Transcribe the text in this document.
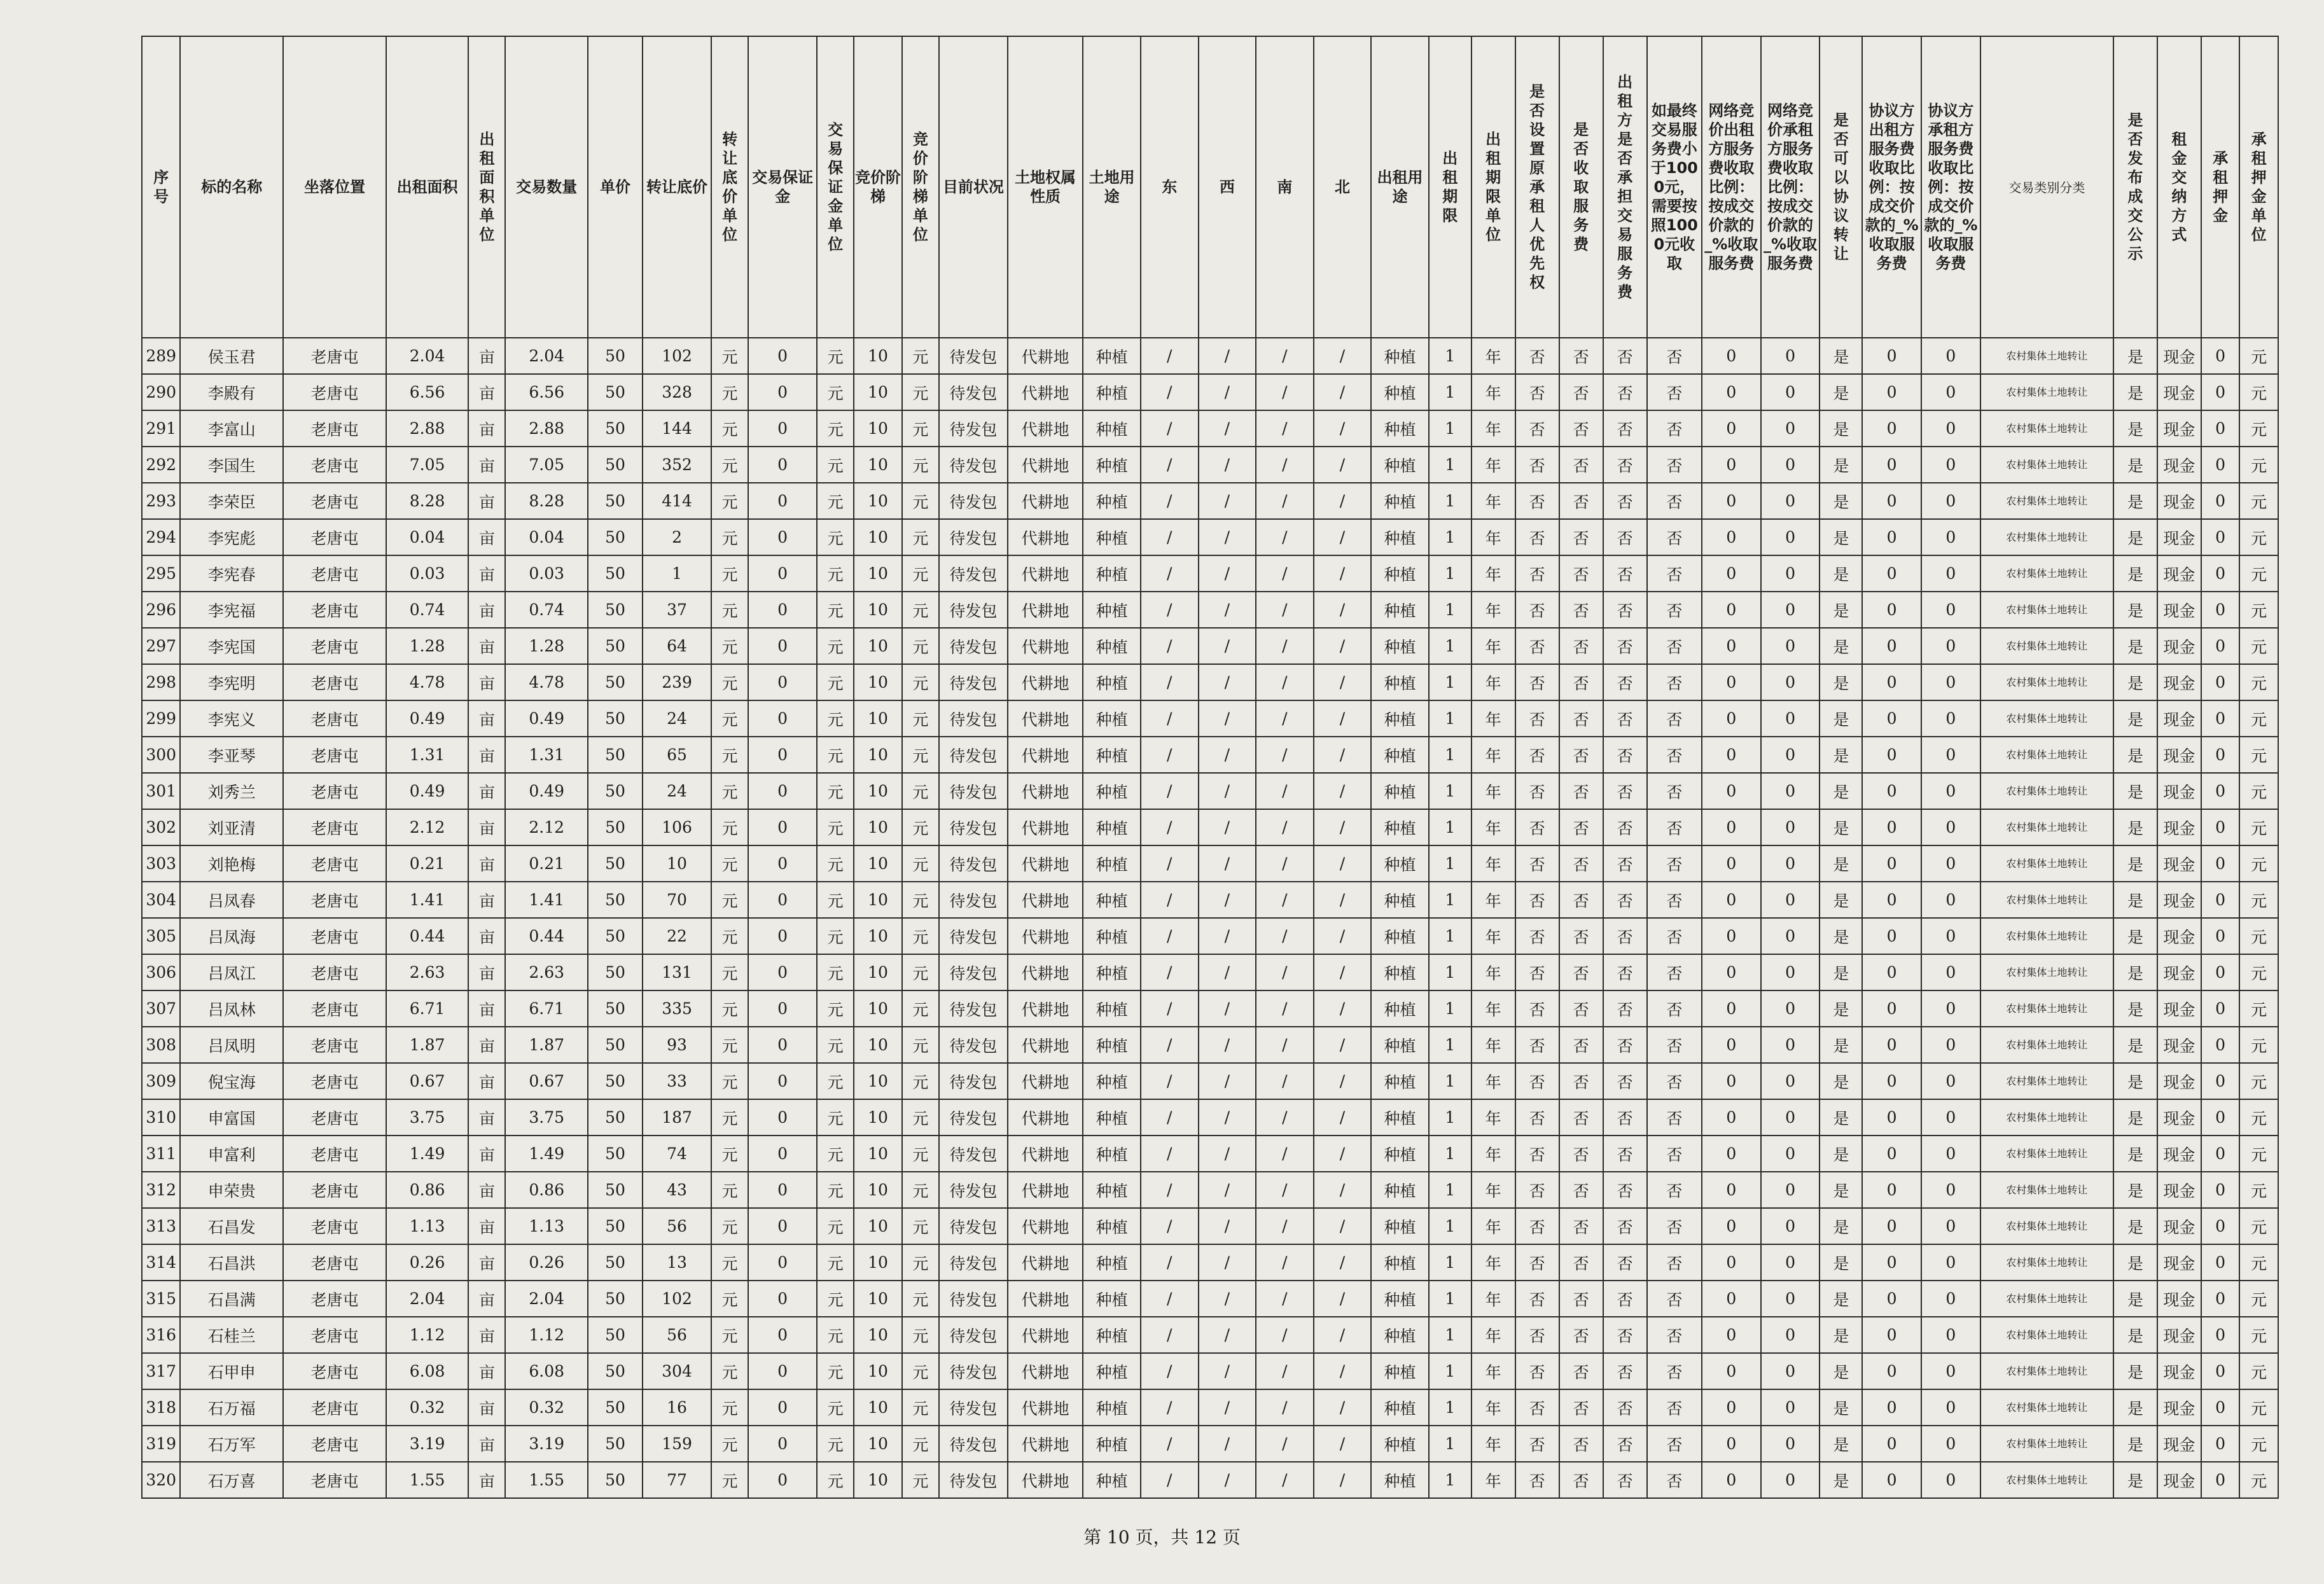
序号	标的名称	坐落位置	出租面积	出租面积单位	交易数量	单价	转让底价	转让底价单位	交易保证金	交易保证金单位	竞价阶梯	竞价阶梯单位	目前状况	土地权属性质	土地用途	东	西	南	北	出租用途	出租期限	出租期限单位	是否设置原承租人优先权	是否收取服务费	出租方是否承担交易服务费	如最终交易服务费小于1000元，需要按照1000元收取	网络竞价出租方服务费收取比例：按成交价款的_%收取服务费	网络竞价承租方服务费收取比例：按成交价款的_%收取服务费	是否可以协议转让	协议方出租方服务费收取比例：按成交价款的_%收取服务费	协议方承租方服务费收取比例：按成交价款的_%收取服务费	交易类别分类	是否发布成交公示	租金交纳方式	承租押金	承租押金单位
289	侯玉君	老唐屯	2.04	亩	2.04	50	102	元	0	元	10	元	待发包	代耕地	种植	/	/	/	/	种植	1	年	否	否	否	否	0	0	是	0	0	农村集体土地转让	是	现金	0	元
290	李殿有	老唐屯	6.56	亩	6.56	50	328	元	0	元	10	元	待发包	代耕地	种植	/	/	/	/	种植	1	年	否	否	否	否	0	0	是	0	0	农村集体土地转让	是	现金	0	元
291	李富山	老唐屯	2.88	亩	2.88	50	144	元	0	元	10	元	待发包	代耕地	种植	/	/	/	/	种植	1	年	否	否	否	否	0	0	是	0	0	农村集体土地转让	是	现金	0	元
292	李国生	老唐屯	7.05	亩	7.05	50	352	元	0	元	10	元	待发包	代耕地	种植	/	/	/	/	种植	1	年	否	否	否	否	0	0	是	0	0	农村集体土地转让	是	现金	0	元
293	李荣臣	老唐屯	8.28	亩	8.28	50	414	元	0	元	10	元	待发包	代耕地	种植	/	/	/	/	种植	1	年	否	否	否	否	0	0	是	0	0	农村集体土地转让	是	现金	0	元
294	李宪彪	老唐屯	0.04	亩	0.04	50	2	元	0	元	10	元	待发包	代耕地	种植	/	/	/	/	种植	1	年	否	否	否	否	0	0	是	0	0	农村集体土地转让	是	现金	0	元
295	李宪春	老唐屯	0.03	亩	0.03	50	1	元	0	元	10	元	待发包	代耕地	种植	/	/	/	/	种植	1	年	否	否	否	否	0	0	是	0	0	农村集体土地转让	是	现金	0	元
296	李宪福	老唐屯	0.74	亩	0.74	50	37	元	0	元	10	元	待发包	代耕地	种植	/	/	/	/	种植	1	年	否	否	否	否	0	0	是	0	0	农村集体土地转让	是	现金	0	元
297	李宪国	老唐屯	1.28	亩	1.28	50	64	元	0	元	10	元	待发包	代耕地	种植	/	/	/	/	种植	1	年	否	否	否	否	0	0	是	0	0	农村集体土地转让	是	现金	0	元
298	李宪明	老唐屯	4.78	亩	4.78	50	239	元	0	元	10	元	待发包	代耕地	种植	/	/	/	/	种植	1	年	否	否	否	否	0	0	是	0	0	农村集体土地转让	是	现金	0	元
299	李宪义	老唐屯	0.49	亩	0.49	50	24	元	0	元	10	元	待发包	代耕地	种植	/	/	/	/	种植	1	年	否	否	否	否	0	0	是	0	0	农村集体土地转让	是	现金	0	元
300	李亚琴	老唐屯	1.31	亩	1.31	50	65	元	0	元	10	元	待发包	代耕地	种植	/	/	/	/	种植	1	年	否	否	否	否	0	0	是	0	0	农村集体土地转让	是	现金	0	元
301	刘秀兰	老唐屯	0.49	亩	0.49	50	24	元	0	元	10	元	待发包	代耕地	种植	/	/	/	/	种植	1	年	否	否	否	否	0	0	是	0	0	农村集体土地转让	是	现金	0	元
302	刘亚清	老唐屯	2.12	亩	2.12	50	106	元	0	元	10	元	待发包	代耕地	种植	/	/	/	/	种植	1	年	否	否	否	否	0	0	是	0	0	农村集体土地转让	是	现金	0	元
303	刘艳梅	老唐屯	0.21	亩	0.21	50	10	元	0	元	10	元	待发包	代耕地	种植	/	/	/	/	种植	1	年	否	否	否	否	0	0	是	0	0	农村集体土地转让	是	现金	0	元
304	吕凤春	老唐屯	1.41	亩	1.41	50	70	元	0	元	10	元	待发包	代耕地	种植	/	/	/	/	种植	1	年	否	否	否	否	0	0	是	0	0	农村集体土地转让	是	现金	0	元
305	吕凤海	老唐屯	0.44	亩	0.44	50	22	元	0	元	10	元	待发包	代耕地	种植	/	/	/	/	种植	1	年	否	否	否	否	0	0	是	0	0	农村集体土地转让	是	现金	0	元
306	吕凤江	老唐屯	2.63	亩	2.63	50	131	元	0	元	10	元	待发包	代耕地	种植	/	/	/	/	种植	1	年	否	否	否	否	0	0	是	0	0	农村集体土地转让	是	现金	0	元
307	吕凤林	老唐屯	6.71	亩	6.71	50	335	元	0	元	10	元	待发包	代耕地	种植	/	/	/	/	种植	1	年	否	否	否	否	0	0	是	0	0	农村集体土地转让	是	现金	0	元
308	吕凤明	老唐屯	1.87	亩	1.87	50	93	元	0	元	10	元	待发包	代耕地	种植	/	/	/	/	种植	1	年	否	否	否	否	0	0	是	0	0	农村集体土地转让	是	现金	0	元
309	倪宝海	老唐屯	0.67	亩	0.67	50	33	元	0	元	10	元	待发包	代耕地	种植	/	/	/	/	种植	1	年	否	否	否	否	0	0	是	0	0	农村集体土地转让	是	现金	0	元
310	申富国	老唐屯	3.75	亩	3.75	50	187	元	0	元	10	元	待发包	代耕地	种植	/	/	/	/	种植	1	年	否	否	否	否	0	0	是	0	0	农村集体土地转让	是	现金	0	元
311	申富利	老唐屯	1.49	亩	1.49	50	74	元	0	元	10	元	待发包	代耕地	种植	/	/	/	/	种植	1	年	否	否	否	否	0	0	是	0	0	农村集体土地转让	是	现金	0	元
312	申荣贵	老唐屯	0.86	亩	0.86	50	43	元	0	元	10	元	待发包	代耕地	种植	/	/	/	/	种植	1	年	否	否	否	否	0	0	是	0	0	农村集体土地转让	是	现金	0	元
313	石昌发	老唐屯	1.13	亩	1.13	50	56	元	0	元	10	元	待发包	代耕地	种植	/	/	/	/	种植	1	年	否	否	否	否	0	0	是	0	0	农村集体土地转让	是	现金	0	元
314	石昌洪	老唐屯	0.26	亩	0.26	50	13	元	0	元	10	元	待发包	代耕地	种植	/	/	/	/	种植	1	年	否	否	否	否	0	0	是	0	0	农村集体土地转让	是	现金	0	元
315	石昌满	老唐屯	2.04	亩	2.04	50	102	元	0	元	10	元	待发包	代耕地	种植	/	/	/	/	种植	1	年	否	否	否	否	0	0	是	0	0	农村集体土地转让	是	现金	0	元
316	石桂兰	老唐屯	1.12	亩	1.12	50	56	元	0	元	10	元	待发包	代耕地	种植	/	/	/	/	种植	1	年	否	否	否	否	0	0	是	0	0	农村集体土地转让	是	现金	0	元
317	石甲申	老唐屯	6.08	亩	6.08	50	304	元	0	元	10	元	待发包	代耕地	种植	/	/	/	/	种植	1	年	否	否	否	否	0	0	是	0	0	农村集体土地转让	是	现金	0	元
318	石万福	老唐屯	0.32	亩	0.32	50	16	元	0	元	10	元	待发包	代耕地	种植	/	/	/	/	种植	1	年	否	否	否	否	0	0	是	0	0	农村集体土地转让	是	现金	0	元
319	石万军	老唐屯	3.19	亩	3.19	50	159	元	0	元	10	元	待发包	代耕地	种植	/	/	/	/	种植	1	年	否	否	否	否	0	0	是	0	0	农村集体土地转让	是	现金	0	元
320	石万喜	老唐屯	1.55	亩	1.55	50	77	元	0	元	10	元	待发包	代耕地	种植	/	/	/	/	种植	1	年	否	否	否	否	0	0	是	0	0	农村集体土地转让	是	现金	0	元
第 10 页，共 12 页
